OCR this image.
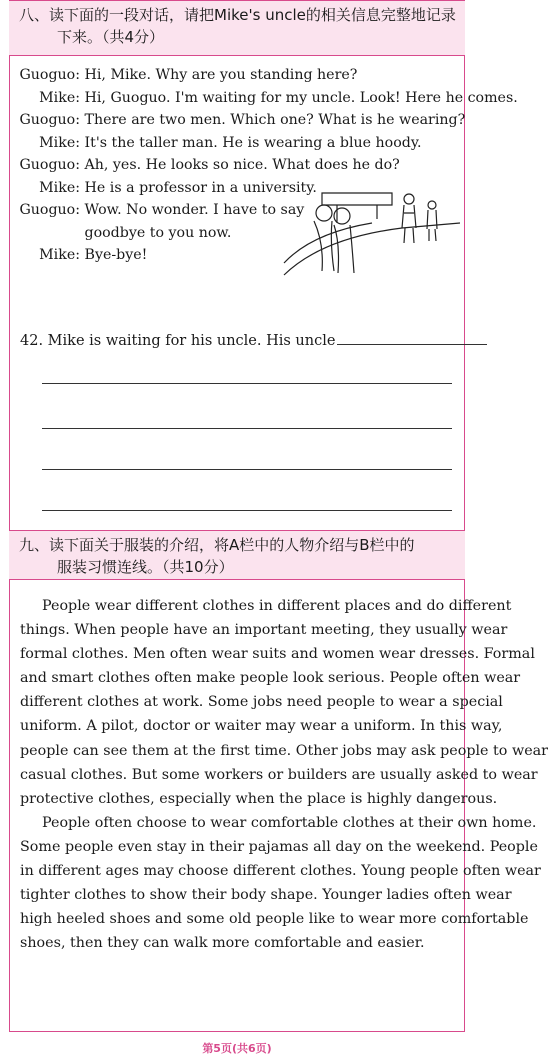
八、读下面的一段对话，请把Mike's uncle的相关信息完整地记录
下来。（共4分）
Guoguo: Hi, Mike. Why are you standing here?
Mike: Hi, Guoguo. I'm waiting for my uncle. Look! Here he comes.
Guoguo: There are two men. Which one? What is he wearing?
Mike: It's the taller man. He is wearing a blue hoody.
Guoguo: Ah, yes. He looks so nice. What does he do?
Mike: He is a professor in a university.
Guoguo: Wow. No wonder. I have to say
goodbye to you now.
Mike: Bye-bye!
42. Mike is waiting for his uncle. His uncle
九、读下面关于服装的介绍，将A栏中的人物介绍与B栏中的
服装习惯连线。（共10分）

People wear different clothes in different places and do different
things. When people have an important meeting, they usually wear
formal clothes. Men often wear suits and women wear dresses. Formal
and smart clothes often make people look serious. People often wear
different clothes at work. Some jobs need people to wear a special
uniform. A pilot, doctor or waiter may wear a uniform. In this way,
people can see them at the first time. Other jobs may ask people to wear
casual clothes. But some workers or builders are usually asked to wear
protective clothes, especially when the place is highly dangerous.

People often choose to wear comfortable clothes at their own home.
Some people even stay in their pajamas all day on the weekend. People
in different ages may choose different clothes. Young people often wear
tighter clothes to show their body shape. Younger ladies often wear
high heeled shoes and some old people like to wear more comfortable
shoes, then they can walk more comfortable and easier.

第5页(共6页)
